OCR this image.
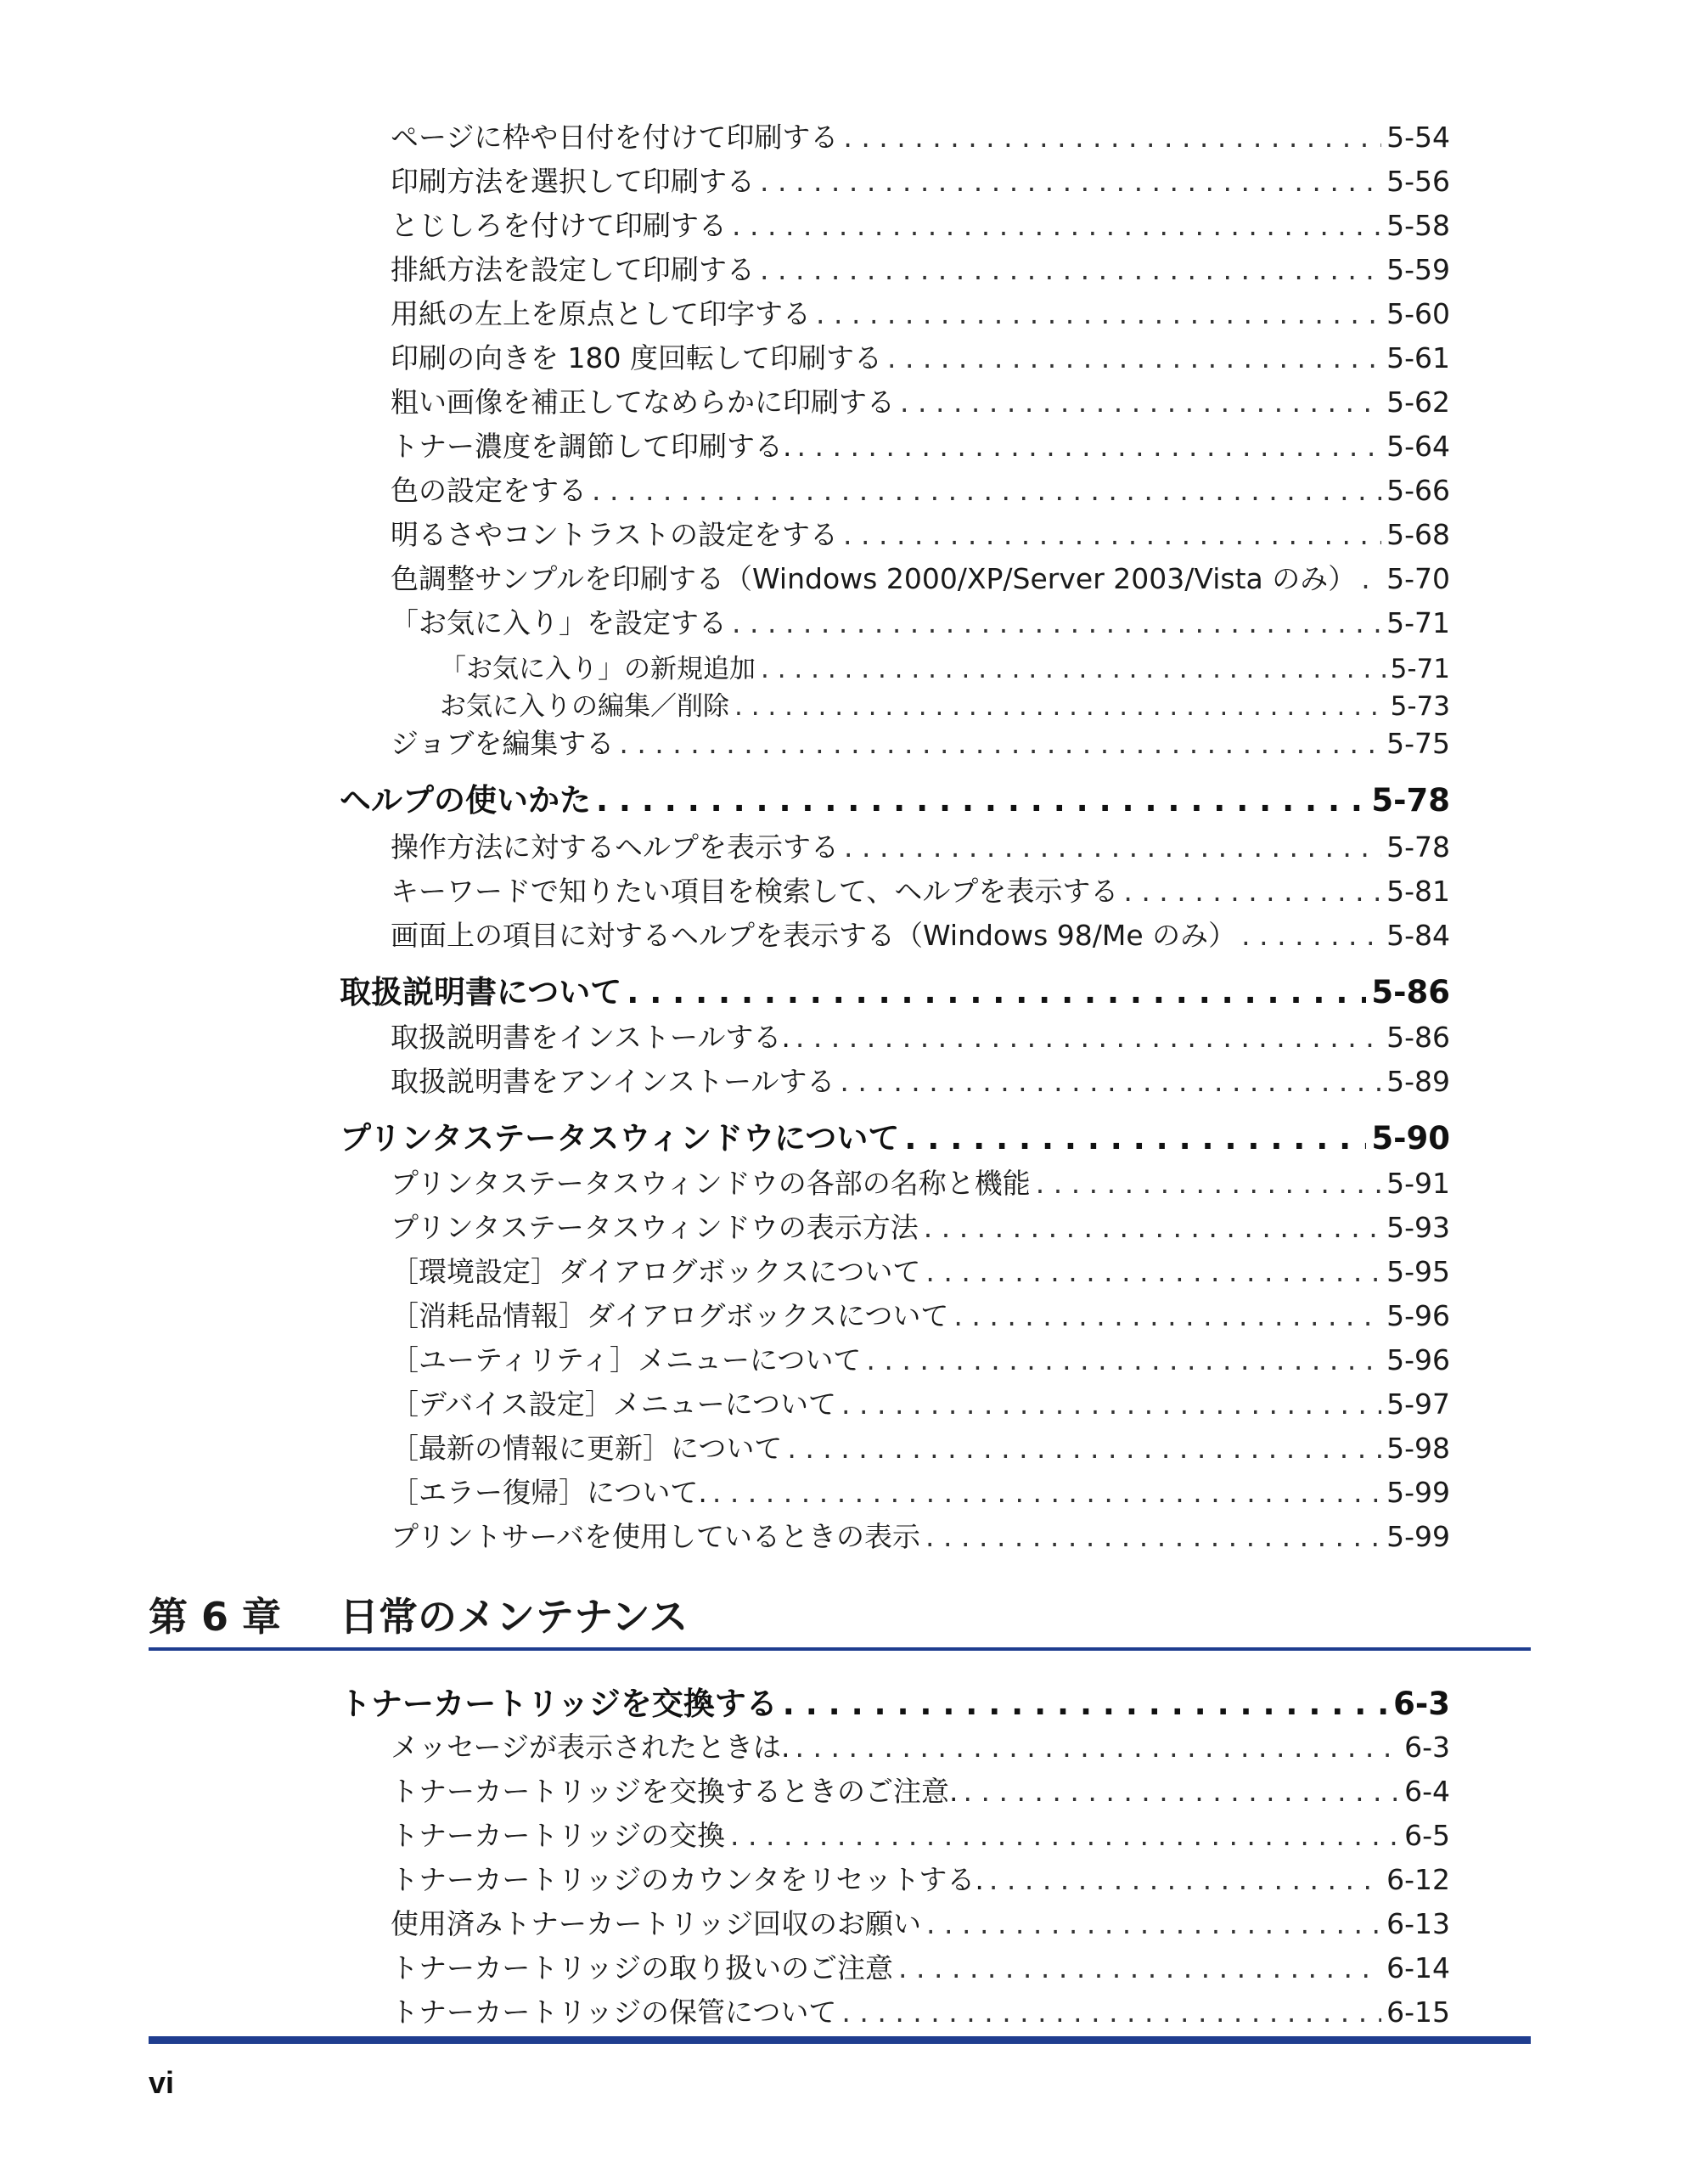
ページに枠や日付を付けて印刷する . . .	5-54
印刷方法を選択して印刷する . . .	5-56
とじしろを付けて印刷する . . .	5-58
排紙方法を設定して印刷する . . .	5-59
用紙の左上を原点として印字する . . .	5-60
印刷の向きを 180 度回転して印刷する . . .	5-61
粗い画像を補正してなめらかに印刷する . . .	5-62
トナー濃度を調節して印刷する. . . .	5-64
色の設定をする . . .	5-66
明るさやコントラストの設定をする . . .	5-68
色調整サンプルを印刷する（Windows 2000/XP/Server 2003/Vista のみ） . . . 5-70
「お気に入り」を設定する . . .	5-71
「お気に入り」の新規追加 . . .	5-71
お気に入りの編集／削除 . . .	5-73
ジョブを編集する . . .	5-75
ヘルプの使いかた . . .	5-78
操作方法に対するヘルプを表示する . . .	5-78
キーワードで知りたい項目を検索して、ヘルプを表示する . . .	5-81
画面上の項目に対するヘルプを表示する（Windows 98/Me のみ） . . .	5-84
取扱説明書について . . .	5-86
取扱説明書をインストールする. . . .	5-86
取扱説明書をアンインストールする . . .	5-89
プリンタステータスウィンドウについて . . .	5-90
プリンタステータスウィンドウの各部の名称と機能 . . .	5-91
プリンタステータスウィンドウの表示方法 . . .	5-93
［環境設定］ダイアログボックスについて . . .	5-95
［消耗品情報］ダイアログボックスについて . . .	5-96
［ユーティリティ］メニューについて . . .	5-96
［デバイス設定］メニューについて . . .	5-97
［最新の情報に更新］について . . .	5-98
［エラー復帰］について. . . .	5-99
プリントサーバを使用しているときの表示 . . .	5-99
第 6 章 日常のメンテナンス
トナーカートリッジを交換する . . .	6-3
メッセージが表示されたときは. . . .	6-3
トナーカートリッジを交換するときのご注意. . . .	6-4
トナーカートリッジの交換 . . .	6-5
トナーカートリッジのカウンタをリセットする. . . .	6-12
使用済みトナーカートリッジ回収のお願い . . .	6-13
トナーカートリッジの取り扱いのご注意 . . .	6-14
トナーカートリッジの保管について . . .	6-15
vi
